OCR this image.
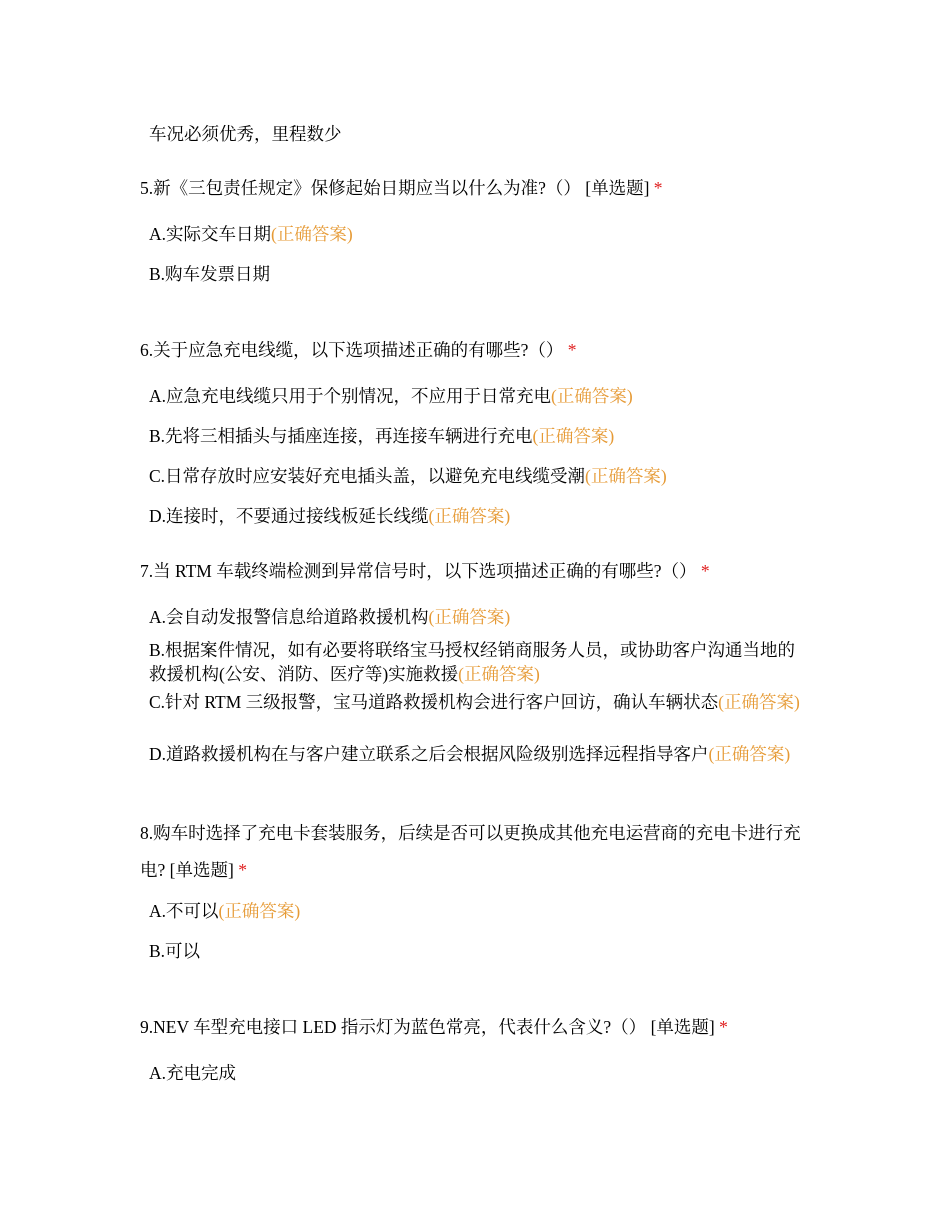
车况必须优秀，里程数少
5.新《三包责任规定》保修起始日期应当以什么为准?（） [单选题] *
A.实际交车日期(正确答案)
B.购车发票日期
6.关于应急充电线缆，以下选项描述正确的有哪些?（） *
A.应急充电线缆只用于个别情况，不应用于日常充电(正确答案)
B.先将三相插头与插座连接，再连接车辆进行充电(正确答案)
C.日常存放时应安装好充电插头盖，以避免充电线缆受潮(正确答案)
D.连接时，不要通过接线板延长线缆(正确答案)
7.当 RTM 车载终端检测到异常信号时，以下选项描述正确的有哪些?（） *
A.会自动发报警信息给道路救援机构(正确答案)
B.根据案件情况，如有必要将联络宝马授权经销商服务人员，或协助客户沟通当地的救援机构(公安、消防、医疗等)实施救援(正确答案)
C.针对 RTM 三级报警，宝马道路救援机构会进行客户回访，确认车辆状态(正确答案)
D.道路救援机构在与客户建立联系之后会根据风险级别选择远程指导客户(正确答案)
8.购车时选择了充电卡套装服务，后续是否可以更换成其他充电运营商的充电卡进行充电? [单选题] *
A.不可以(正确答案)
B.可以
9.NEV 车型充电接口 LED 指示灯为蓝色常亮，代表什么含义?（） [单选题] *
A.充电完成
